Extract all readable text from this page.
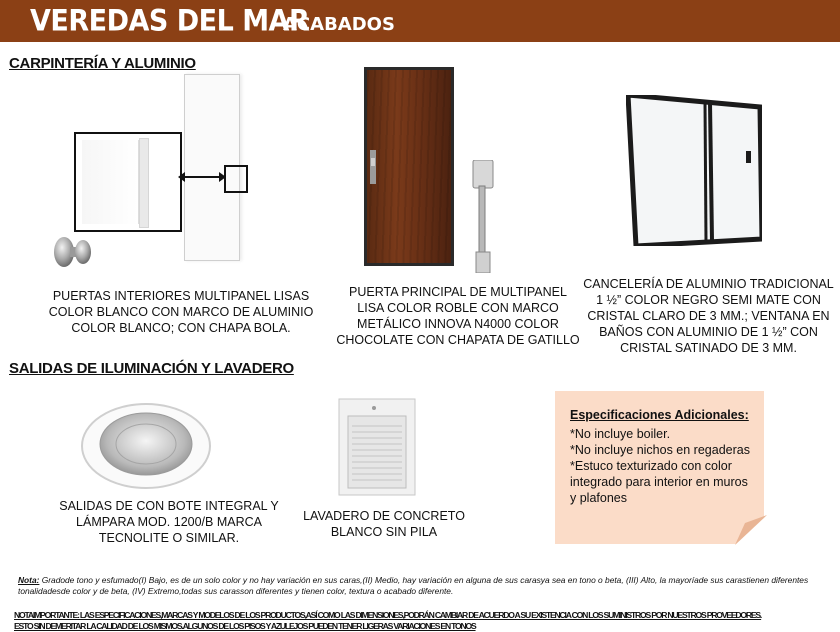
VEREDAS DEL MAR
ACABADOS
CARPINTERÍA Y ALUMINIO
PUERTAS INTERIORES MULTIPANEL LISAS
COLOR BLANCO CON MARCO DE ALUMINIO
COLOR BLANCO; CON CHAPA BOLA.
PUERTA PRINCIPAL DE MULTIPANEL
LISA COLOR ROBLE CON MARCO
METÁLICO INNOVA N4000 COLOR
CHOCOLATE CON CHAPATA DE GATILLO
CANCELERÍA DE ALUMINIO TRADICIONAL
1 ½” COLOR NEGRO SEMI MATE CON
CRISTAL CLARO DE 3 MM.; VENTANA EN
BAÑOS CON ALUMINIO DE 1 ½” CON
CRISTAL SATINADO DE 3 MM.
SALIDAS DE ILUMINACIÓN Y LAVADERO
SALIDAS DE CON BOTE INTEGRAL Y
LÁMPARA MOD. 1200/B MARCA
TECNOLITE O SIMILAR.
LAVADERO DE CONCRETO
BLANCO SIN PILA
Especificaciones Adicionales:
*No incluye boiler.
*No incluye nichos en regaderas
*Estuco texturizado con color
integrado para interior en muros
y plafones
Nota: Gradode tono y esfumado(I) Bajo, es de un solo color y no hay variación en sus caras,(II) Medio, hay variación en alguna de sus carasya sea en tono o beta, (III) Alto, la mayoríade sus carastienen diferentes tonalidadesde color y de beta, (IV) Extremo,todas sus carasson diferentes y tienen color, textura o acabado diferente.
NOTAIMPORTANTE: LAS ESPECIFICACIONES,MARCAS Y MODELOS DE LOS PRODUCTOS,ASÍ COMO LAS DIMENSIONES,PODRÁN CAMBIAR DE ACUERDO A SU EXISTENCIA CON LOS SUMINISTROS POR NUESTROS PROVEEDORES.
ESTO SIN DEMERITAR LA CALIDAD DE LOS MISMOS.ALGUNOS DE LOS PISOS Y AZULEJOS PUEDEN TENER LIGERAS VARIACIONES EN TONOS
